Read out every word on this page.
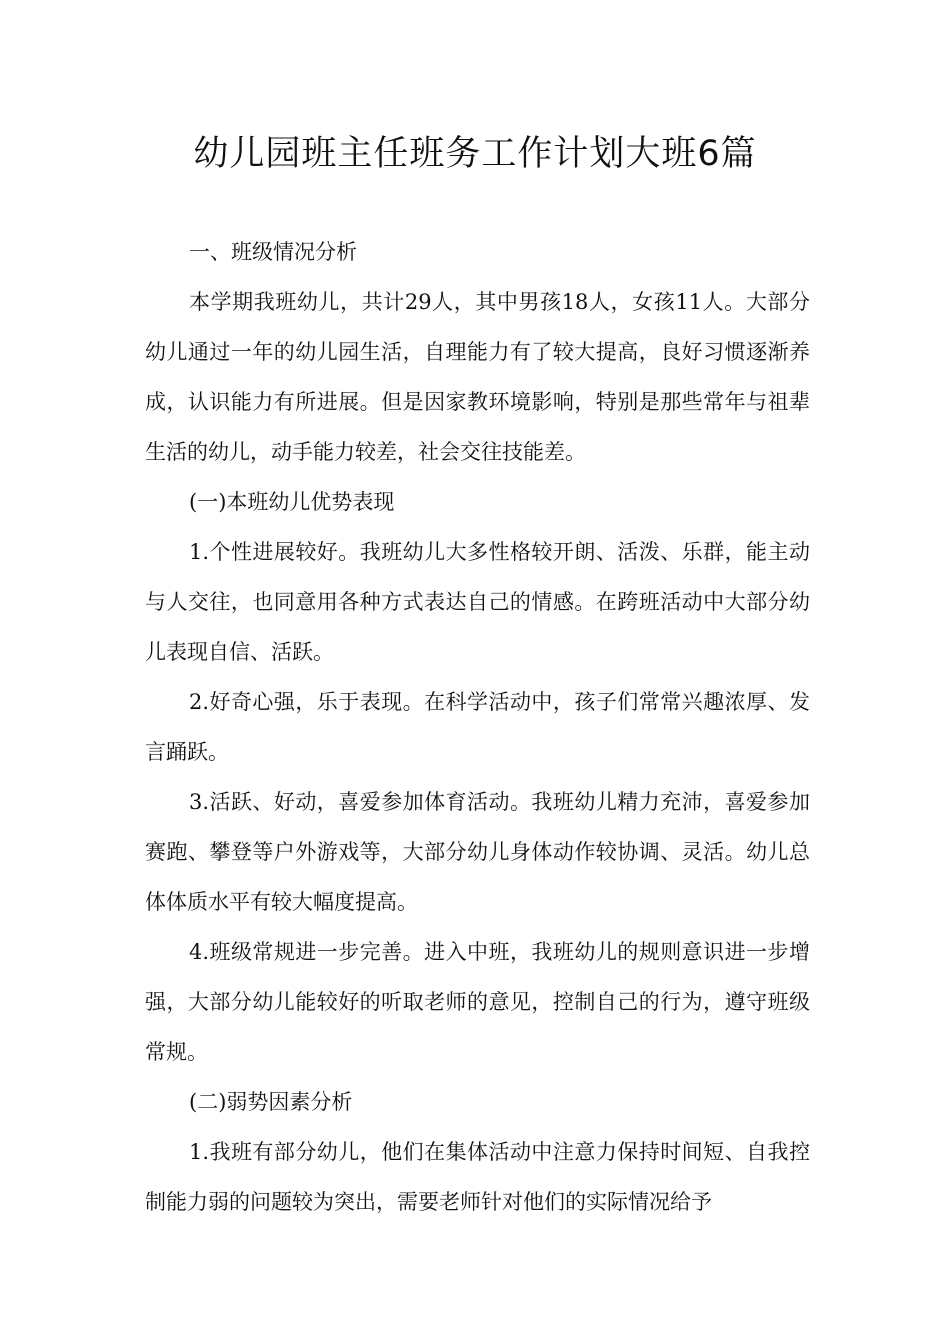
幼儿园班主任班务工作计划大班6篇

一、班级情况分析

本学期我班幼儿，共计29人，其中男孩18人，女孩11人。大部分幼儿通过一年的幼儿园生活，自理能力有了较大提高，良好习惯逐渐养成，认识能力有所进展。但是因家教环境影响，特别是那些常年与祖辈生活的幼儿，动手能力较差，社会交往技能差。

(一)本班幼儿优势表现

1.个性进展较好。我班幼儿大多性格较开朗、活泼、乐群，能主动与人交往，也同意用各种方式表达自己的情感。在跨班活动中大部分幼儿表现自信、活跃。

2.好奇心强，乐于表现。在科学活动中，孩子们常常兴趣浓厚、发言踊跃。

3.活跃、好动，喜爱参加体育活动。我班幼儿精力充沛，喜爱参加赛跑、攀登等户外游戏等，大部分幼儿身体动作较协调、灵活。幼儿总体体质水平有较大幅度提高。

4.班级常规进一步完善。进入中班，我班幼儿的规则意识进一步增强，大部分幼儿能较好的听取老师的意见，控制自己的行为，遵守班级常规。

(二)弱势因素分析

1.我班有部分幼儿，他们在集体活动中注意力保持时间短、自我控制能力弱的问题较为突出，需要老师针对他们的实际情况给予
